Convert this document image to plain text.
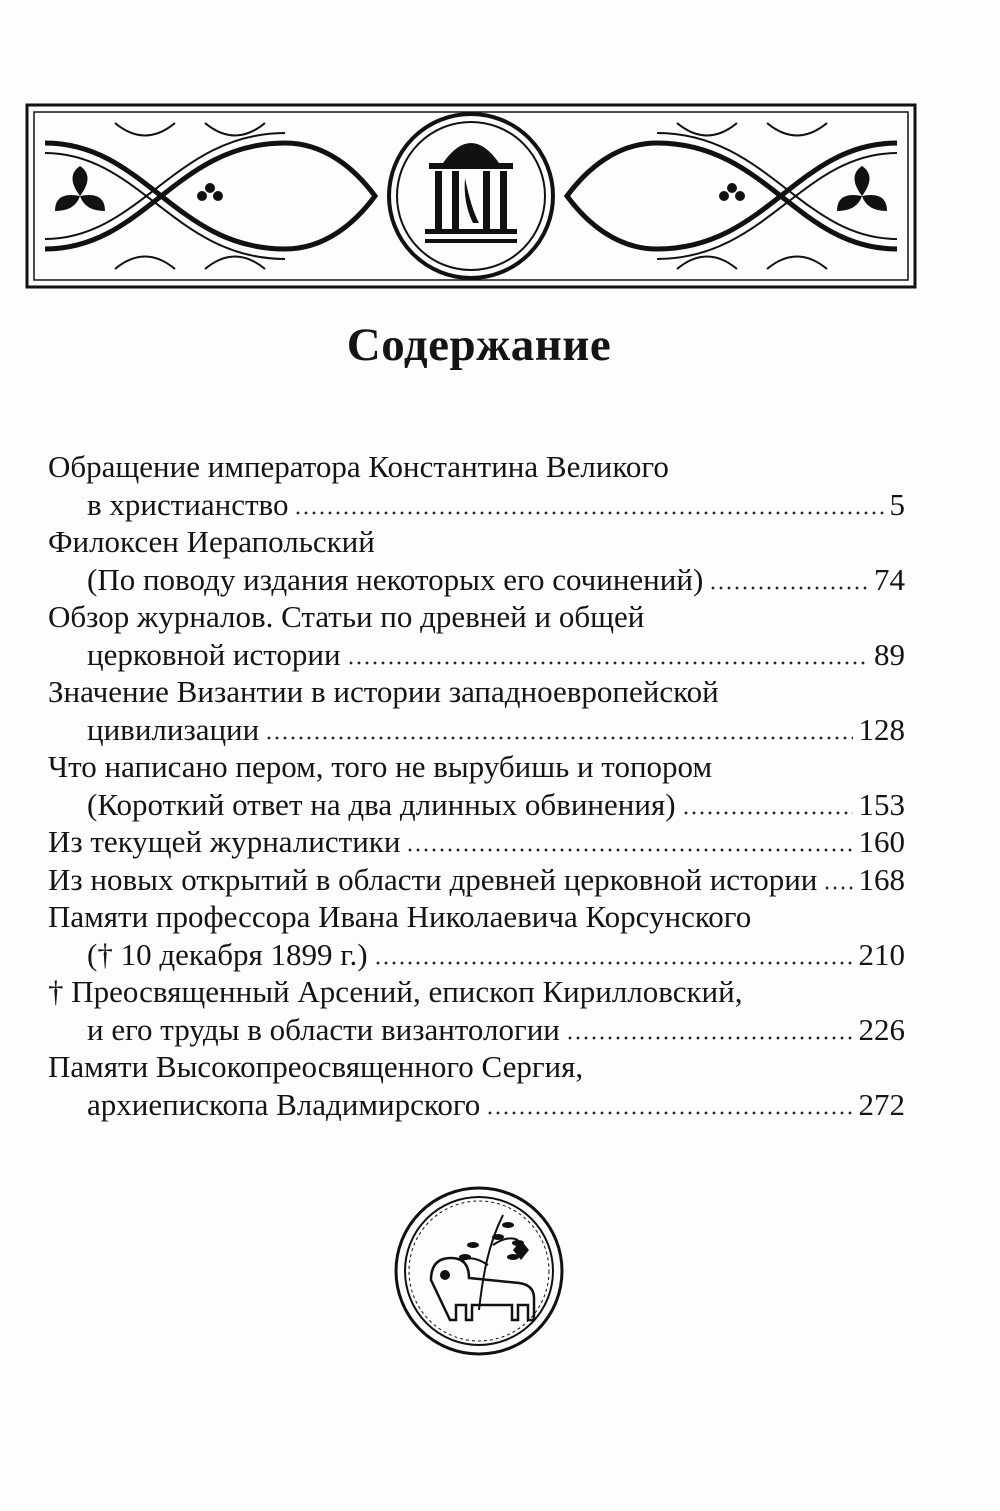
Содержание
Обращение императора Константина Великого
в христианство	5
Филоксен Иерапольский
(По поводу издания некоторых его сочинений)	74
Обзор журналов. Статьи по древней и общей
церковной истории	89
Значение Византии в истории западноевропейской
цивилизации	128
Что написано пером, того не вырубишь и топором
(Короткий ответ на два длинных обвинения)	153
Из текущей журналистики	160
Из новых открытий в области древней церковной истории 168
Памяти профессора Ивана Николаевича Корсунского
(† 10 декабря 1899 г.)	210
† Преосвященный Арсений, епископ Кирилловский,
и его труды в области византологии	226
Памяти Высокопреосвященного Сергия,
архиепископа Владимирского	272
